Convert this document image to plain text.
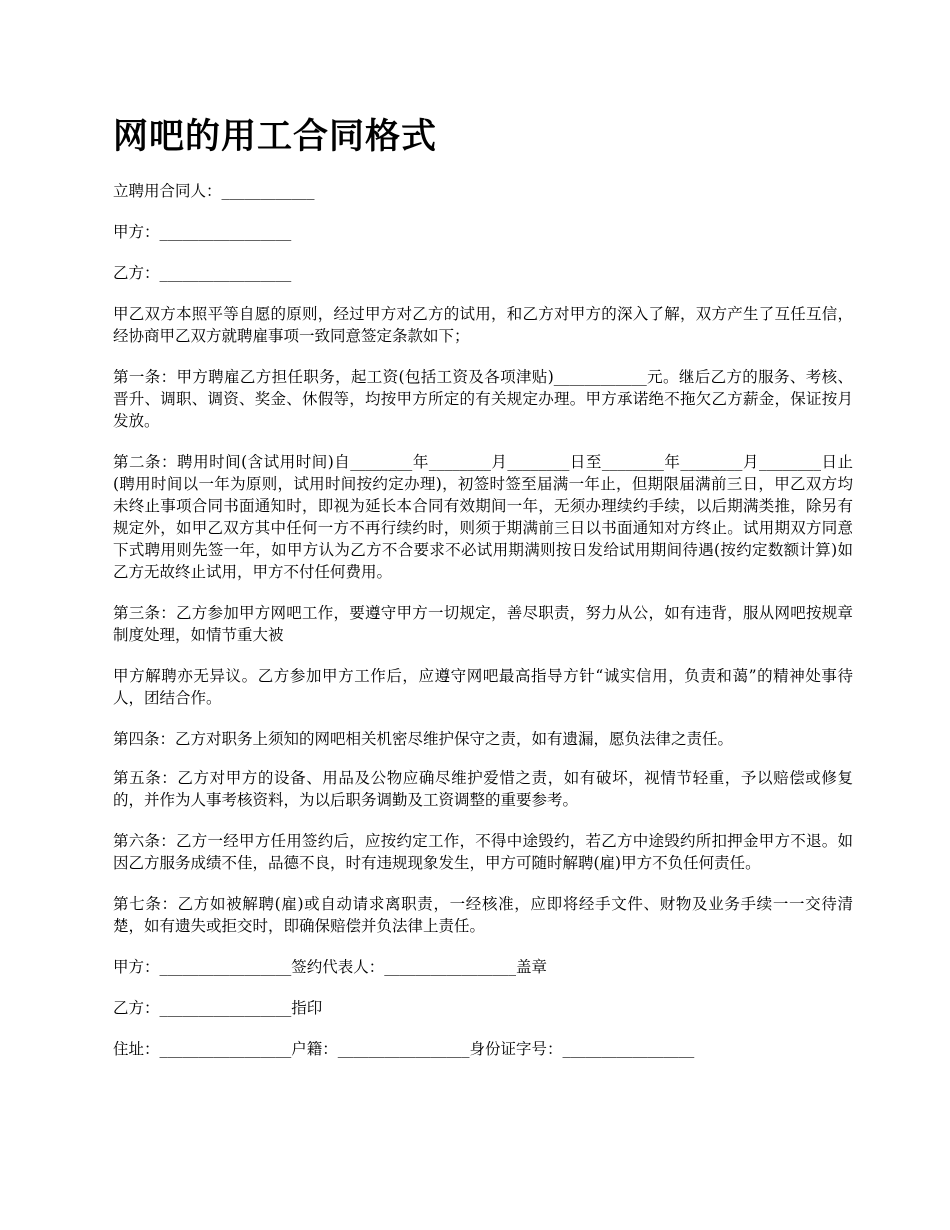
网吧的用工合同格式

立聘用合同人：____________

甲方：_________________

乙方：_________________

甲乙双方本照平等自愿的原则，经过甲方对乙方的试用，和乙方对甲方的深入了解，双方产生了互任互信，经协商甲乙双方就聘雇事项一致同意签定条款如下；

第一条：甲方聘雇乙方担任职务，起工资(包括工资及各项津贴)____________元。继后乙方的服务、考核、晋升、调职、调资、奖金、休假等，均按甲方所定的有关规定办理。甲方承诺绝不拖欠乙方薪金，保证按月发放。

第二条：聘用时间(含试用时间)自________年________月________日至________年________月________日止(聘用时间以一年为原则，试用时间按约定办理)，初签时签至届满一年止，但期限届满前三日，甲乙双方均未终止事项合同书面通知时，即视为延长本合同有效期间一年，无须办理续约手续，以后期满类推，除另有规定外，如甲乙双方其中任何一方不再行续约时，则须于期满前三日以书面通知对方终止。试用期双方同意下式聘用则先签一年，如甲方认为乙方不合要求不必试用期满则按日发给试用期间待遇(按约定数额计算)如乙方无故终止试用，甲方不付任何费用。

第三条：乙方参加甲方网吧工作，要遵守甲方一切规定，善尽职责，努力从公，如有违背，服从网吧按规章制度处理，如情节重大被

甲方解聘亦无异议。乙方参加甲方工作后，应遵守网吧最高指导方针“诚实信用，负责和蔼”的精神处事待人，团结合作。

第四条：乙方对职务上须知的网吧相关机密尽维护保守之责，如有遗漏，愿负法律之责任。

第五条：乙方对甲方的设备、用品及公物应确尽维护爱惜之责，如有破坏，视情节轻重，予以赔偿或修复的，并作为人事考核资料，为以后职务调勤及工资调整的重要参考。

第六条：乙方一经甲方任用签约后，应按约定工作，不得中途毁约，若乙方中途毁约所扣押金甲方不退。如因乙方服务成绩不佳，品德不良，时有违规现象发生，甲方可随时解聘(雇)甲方不负任何责任。

第七条：乙方如被解聘(雇)或自动请求离职责，一经核准，应即将经手文件、财物及业务手续一一交待清楚，如有遗失或拒交时，即确保赔偿并负法律上责任。

甲方：_________________签约代表人：_________________盖章

乙方：_________________指印

住址：_________________户籍：_________________身份证字号：_________________
